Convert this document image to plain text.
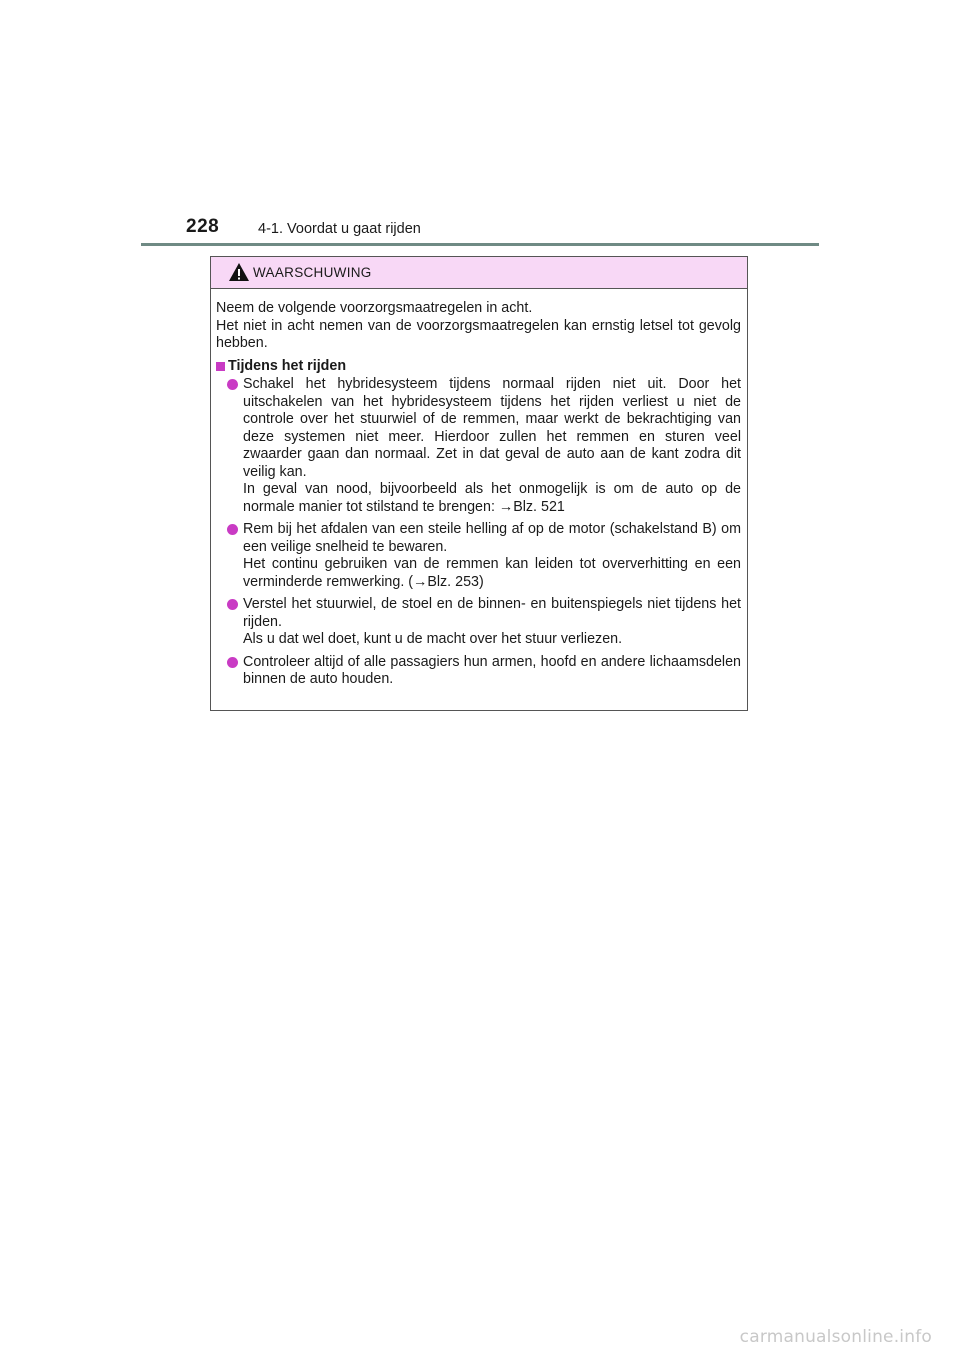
228	4-1. Voordat u gaat rijden
WAARSCHUWING

Neem de volgende voorzorgsmaatregelen in acht.

Het niet in acht nemen van de voorzorgsmaatregelen kan ernstig letsel tot gevolg hebben.

Tijdens het rijden

Schakel het hybridesysteem tijdens normaal rijden niet uit. Door het uitschakelen van het hybridesysteem tijdens het rijden verliest u niet de controle over het stuurwiel of de remmen, maar werkt de bekrachtiging van deze systemen niet meer. Hierdoor zullen het remmen en sturen veel zwaarder gaan dan normaal. Zet in dat geval de auto aan de kant zodra dit veilig kan.

In geval van nood, bijvoorbeeld als het onmogelijk is om de auto op de normale manier tot stilstand te brengen: →Blz. 521

Rem bij het afdalen van een steile helling af op de motor (schakelstand B) om een veilige snelheid te bewaren.

Het continu gebruiken van de remmen kan leiden tot oververhitting en een verminderde remwerking. (→Blz. 253)

Verstel het stuurwiel, de stoel en de binnen- en buitenspiegels niet tijdens het rijden.

Als u dat wel doet, kunt u de macht over het stuur verliezen.

Controleer altijd of alle passagiers hun armen, hoofd en andere lichaamsdelen binnen de auto houden.

carmanualsonline.info
